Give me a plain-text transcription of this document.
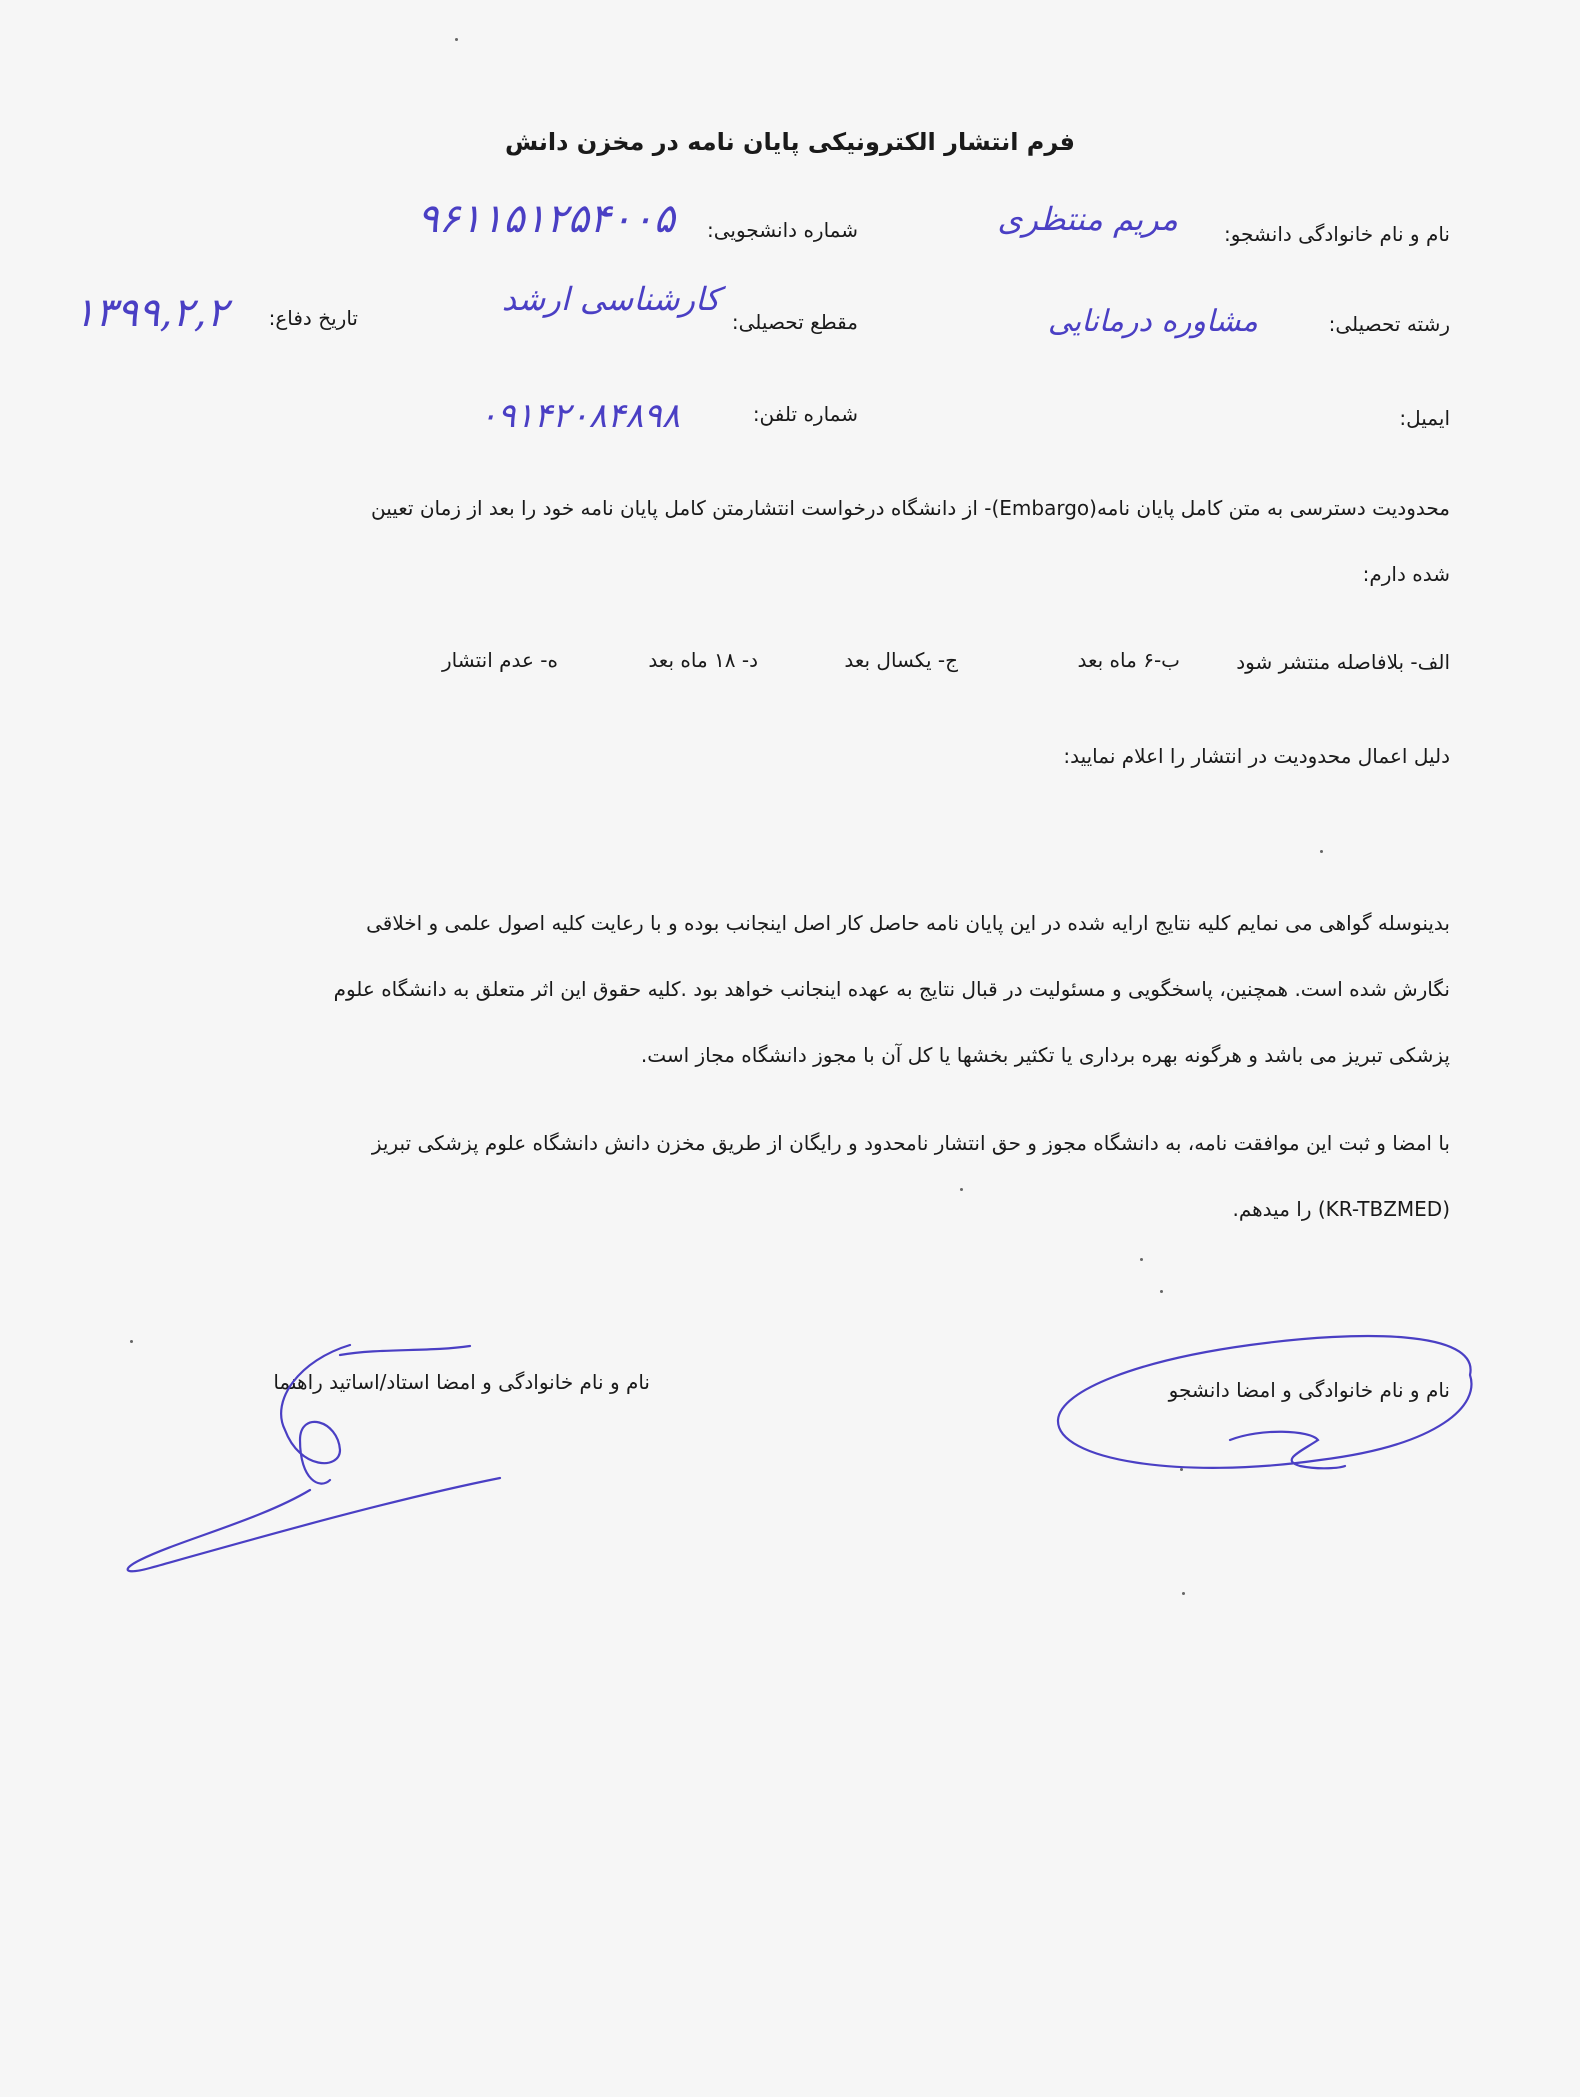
فرم انتشار الکترونیکی پایان نامه در مخزن دانش
نام و نام خانوادگی دانشجو:
مریم منتظری
شماره دانشجویی:
۹۶۱۱۵۱۲۵۴۰۰۵
رشته تحصیلی:
مشاوره درمانایی
مقطع تحصیلی:
کارشناسی ارشد
تاریخ دفاع:
۱۳۹۹,۲,۲
ایمیل:
شماره تلفن:
۰۹۱۴۲۰۸۴۸۹۸
محدودیت دسترسی به متن کامل پایان نامه(Embargo)- از دانشگاه درخواست انتشارمتن کامل پایان نامه خود را بعد از زمان تعیین
شده دارم:
الف- بلافاصله منتشر شود
ب-۶ ماه بعد
ج- یکسال بعد
د- ۱۸ ماه بعد
ه- عدم انتشار
دلیل اعمال محدودیت در انتشار را اعلام نمایید:
بدینوسله گواهی می نمایم کلیه نتایج ارایه شده در این پایان نامه حاصل کار اصل اینجانب بوده و با رعایت کلیه اصول علمی و اخلاقی
نگارش شده است. همچنین، پاسخگویی و مسئولیت در قبال نتایج به عهده اینجانب خواهد بود .کلیه حقوق این اثر متعلق به دانشگاه علوم
پزشکی تبریز می باشد و هرگونه بهره برداری یا تکثیر بخشها یا کل آن با مجوز دانشگاه مجاز است.
با امضا و ثبت این موافقت نامه، به دانشگاه مجوز و حق انتشار نامحدود و رایگان از طریق مخزن دانش دانشگاه علوم پزشکی تبریز
(KR-TBZMED) را میدهم.
نام و نام خانوادگی و امضا دانشجو
نام و نام خانوادگی و امضا استاد/اساتید راهنما
